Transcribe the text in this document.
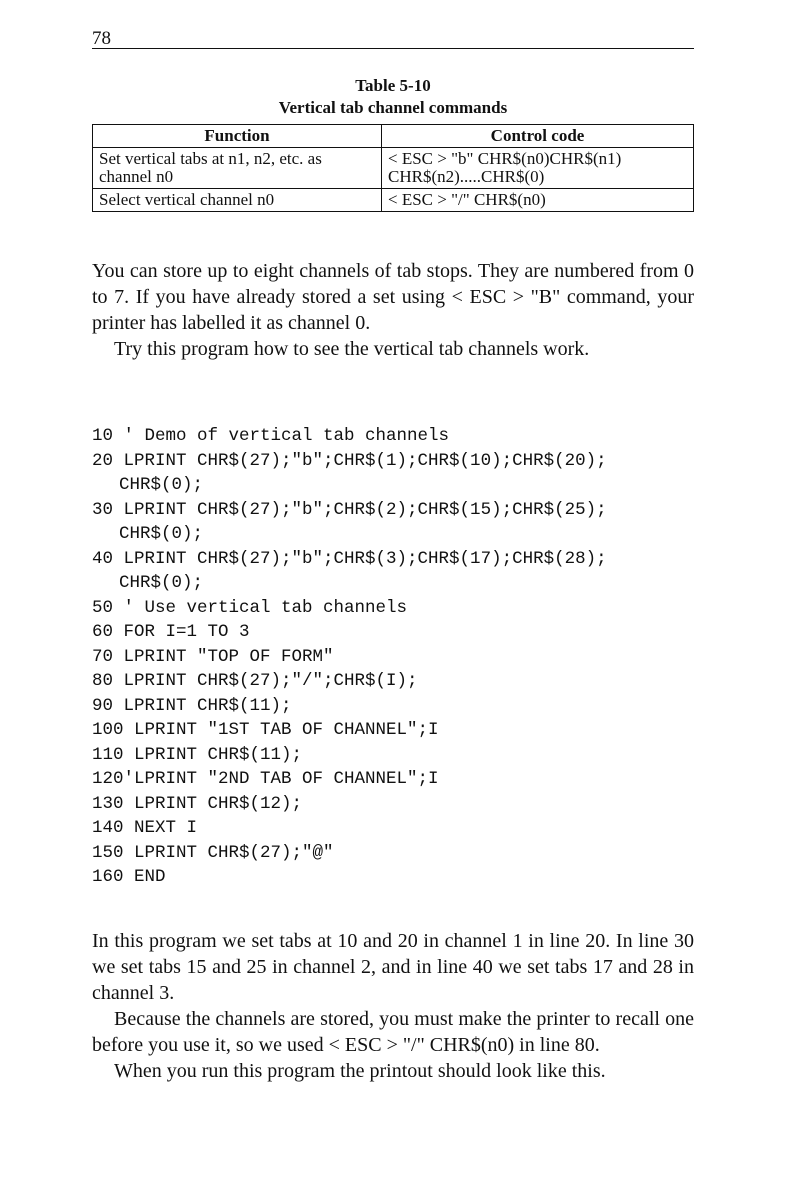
78
Table 5-10
Vertical tab channel commands
Function	Control code
Set vertical tabs at n1, n2, etc. as channel n0	< ESC > "b" CHR$(n0)CHR$(n1) CHR$(n2).....CHR$(0)
Select vertical channel n0	< ESC > "/" CHR$(n0)

You can store up to eight channels of tab stops. They are numbered from 0 to 7. If you have already stored a set using < ESC > "B" command, your printer has labelled it as channel 0.

Try this program how to see the vertical tab channels work.

10 ' Demo of vertical tab channels
20 LPRINT CHR$(27);"b";CHR$(1);CHR$(10);CHR$(20);
CHR$(0);
30 LPRINT CHR$(27);"b";CHR$(2);CHR$(15);CHR$(25);
CHR$(0);
40 LPRINT CHR$(27);"b";CHR$(3);CHR$(17);CHR$(28);
CHR$(0);
50 ' Use vertical tab channels
60 FOR I=1 TO 3
70 LPRINT "TOP OF FORM"
80 LPRINT CHR$(27);"/";CHR$(I);
90 LPRINT CHR$(11);
100 LPRINT "1ST TAB OF CHANNEL";I
110 LPRINT CHR$(11);
120'LPRINT "2ND TAB OF CHANNEL";I
130 LPRINT CHR$(12);
140 NEXT I
150 LPRINT CHR$(27);"@"
160 END

In this program we set tabs at 10 and 20 in channel 1 in line 20. In line 30 we set tabs 15 and 25 in channel 2, and in line 40 we set tabs 17 and 28 in channel 3.

Because the channels are stored, you must make the printer to recall one before you use it, so we used < ESC > "/" CHR$(n0) in line 80.

When you run this program the printout should look like this.
